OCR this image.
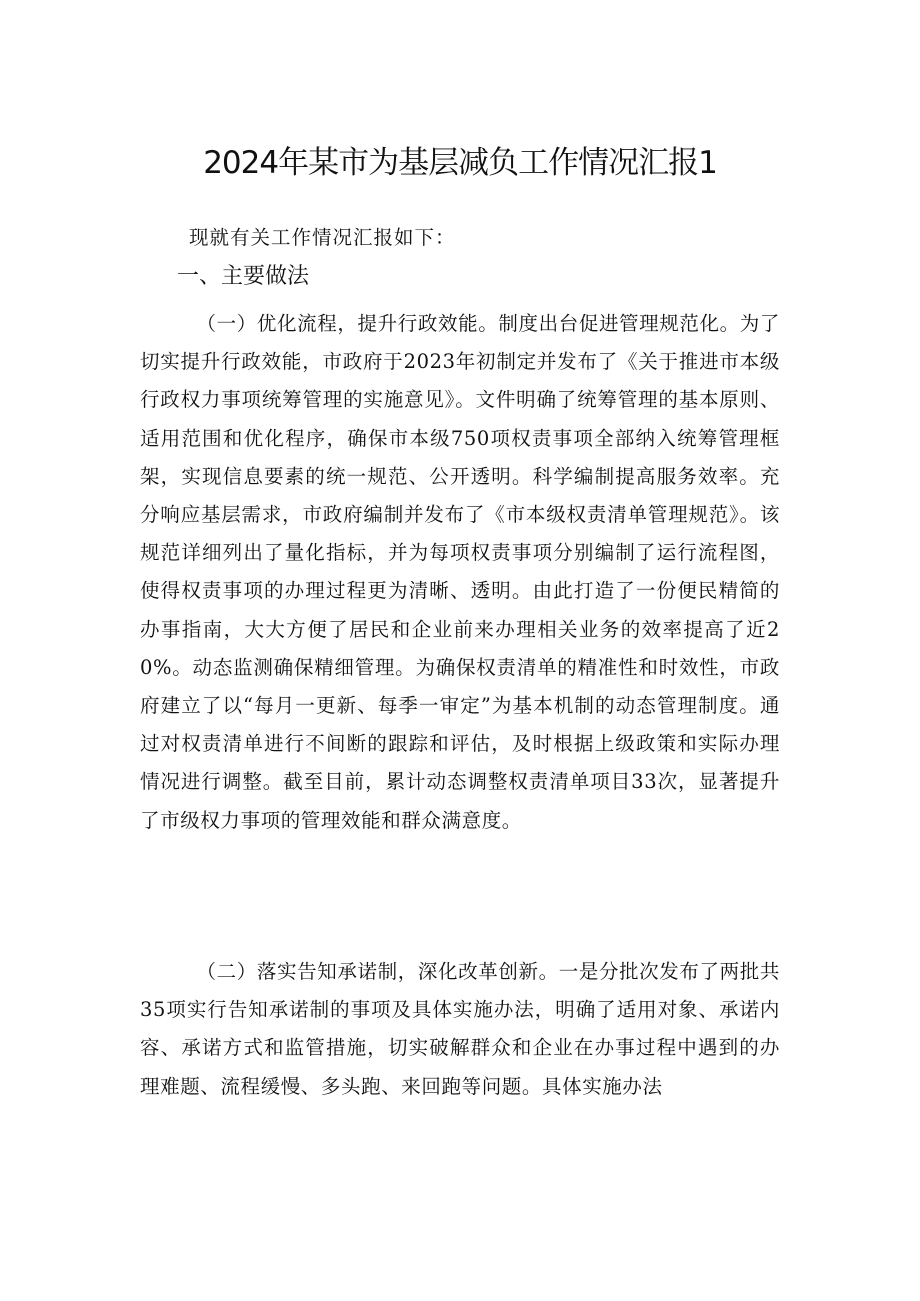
2024年某市为基层减负工作情况汇报1
现就有关工作情况汇报如下：
一、主要做法

（一）优化流程，提升行政效能。制度出台促进管理规范化。为了切实提升行政效能，市政府于2023年初制定并发布了《关于推进市本级行政权力事项统筹管理的实施意见》。文件明确了统筹管理的基本原则、适用范围和优化程序，确保市本级750项权责事项全部纳入统筹管理框架，实现信息要素的统一规范、公开透明。科学编制提高服务效率。充分响应基层需求，市政府编制并发布了《市本级权责清单管理规范》。该规范详细列出了量化指标，并为每项权责事项分别编制了运行流程图，使得权责事项的办理过程更为清晰、透明。由此打造了一份便民精简的办事指南，大大方便了居民和企业前来办理相关业务的效率提高了近20%。动态监测确保精细管理。为确保权责清单的精准性和时效性，市政府建立了以“每月一更新、每季一审定”为基本机制的动态管理制度。通过对权责清单进行不间断的跟踪和评估，及时根据上级政策和实际办理情况进行调整。截至目前，累计动态调整权责清单项目33次，显著提升了市级权力事项的管理效能和群众满意度。

（二）落实告知承诺制，深化改革创新。一是分批次发布了两批共35项实行告知承诺制的事项及具体实施办法，明确了适用对象、承诺内容、承诺方式和监管措施，切实破解群众和企业在办事过程中遇到的办理难题、流程缓慢、多头跑、来回跑等问题。具体实施办法
